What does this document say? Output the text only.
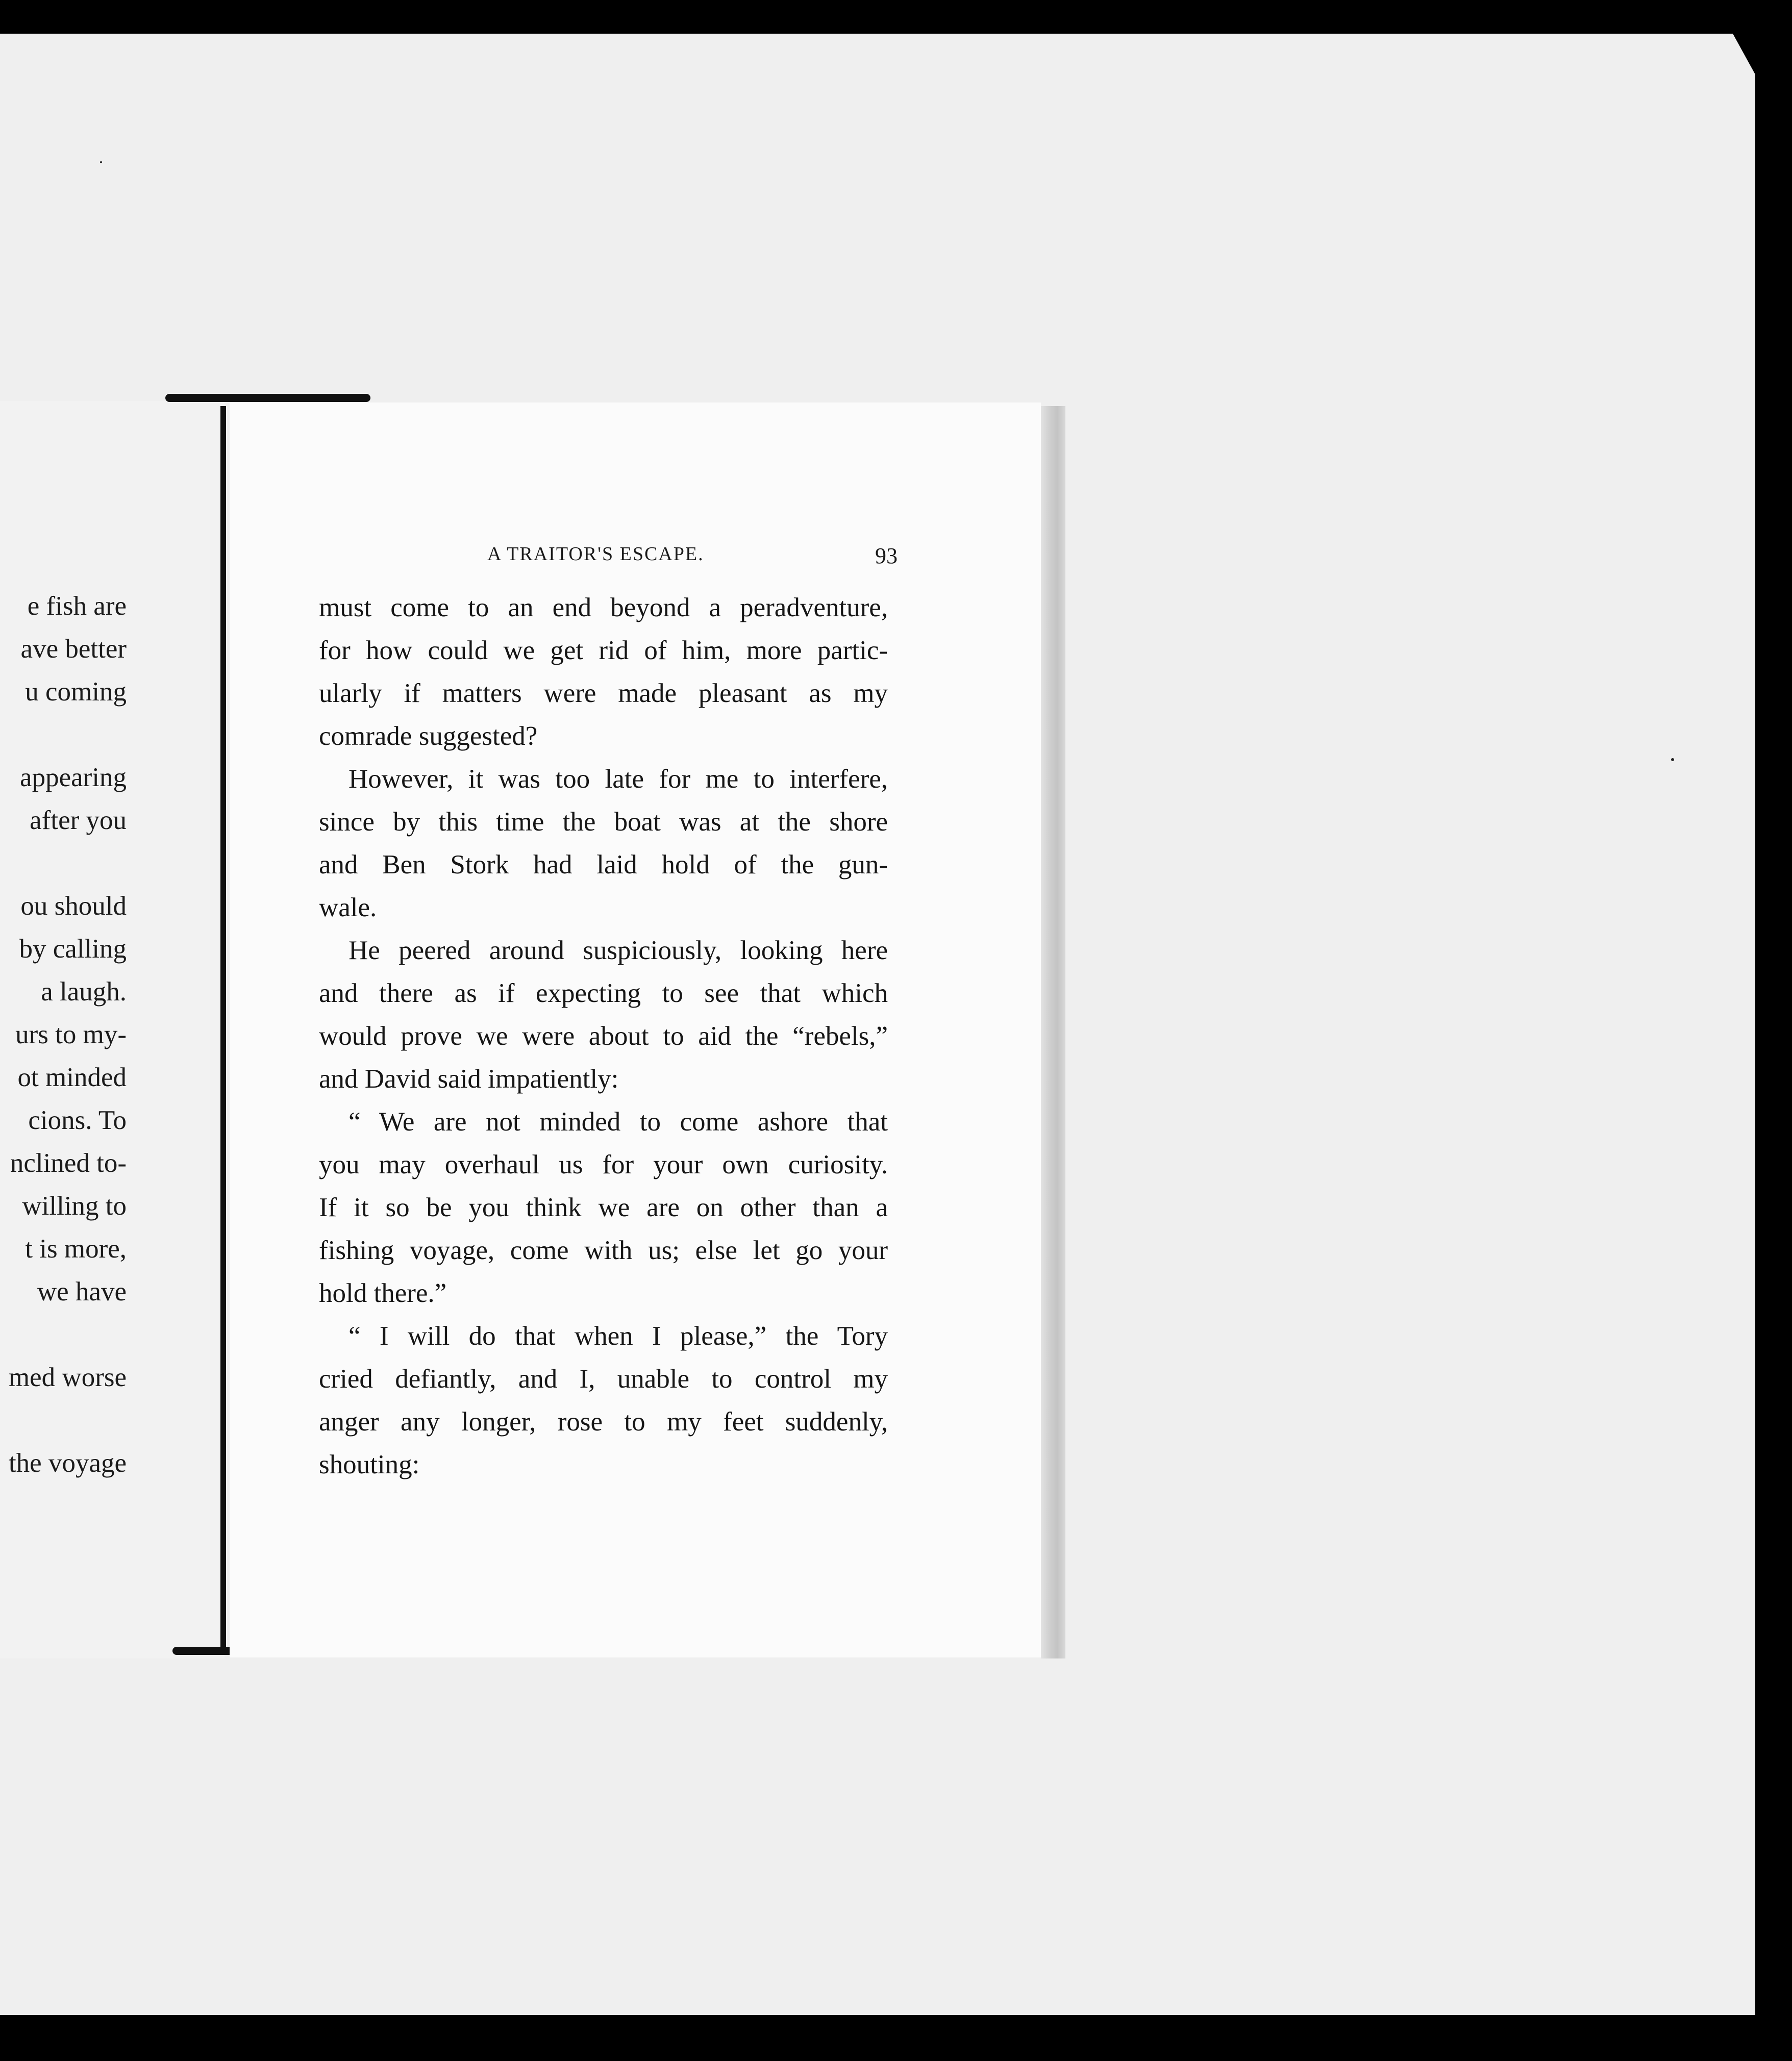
e fish are
ave better
u coming
appearing
after you
ou should
by calling
a laugh.
urs to my-
ot minded
cions. To
nclined to-
willing to
t is more,
we have
med worse
the voyage
A TRAITOR'S ESCAPE.	93
must come to an end beyond a peradventure,
for how could we get rid of him, more partic-
ularly if matters were made pleasant as my
comrade suggested?
However, it was too late for me to interfere,
since by this time the boat was at the shore
and Ben Stork had laid hold of the gun-
wale.
He peered around suspiciously, looking here
and there as if expecting to see that which
would prove we were about to aid the “rebels,”
and David said impatiently:
“ We are not minded to come ashore that
you may overhaul us for your own curiosity.
If it so be you think we are on other than a
fishing voyage, come with us; else let go your
hold there.”
“ I will do that when I please,” the Tory
cried defiantly, and I, unable to control my
anger any longer, rose to my feet suddenly,
shouting:
